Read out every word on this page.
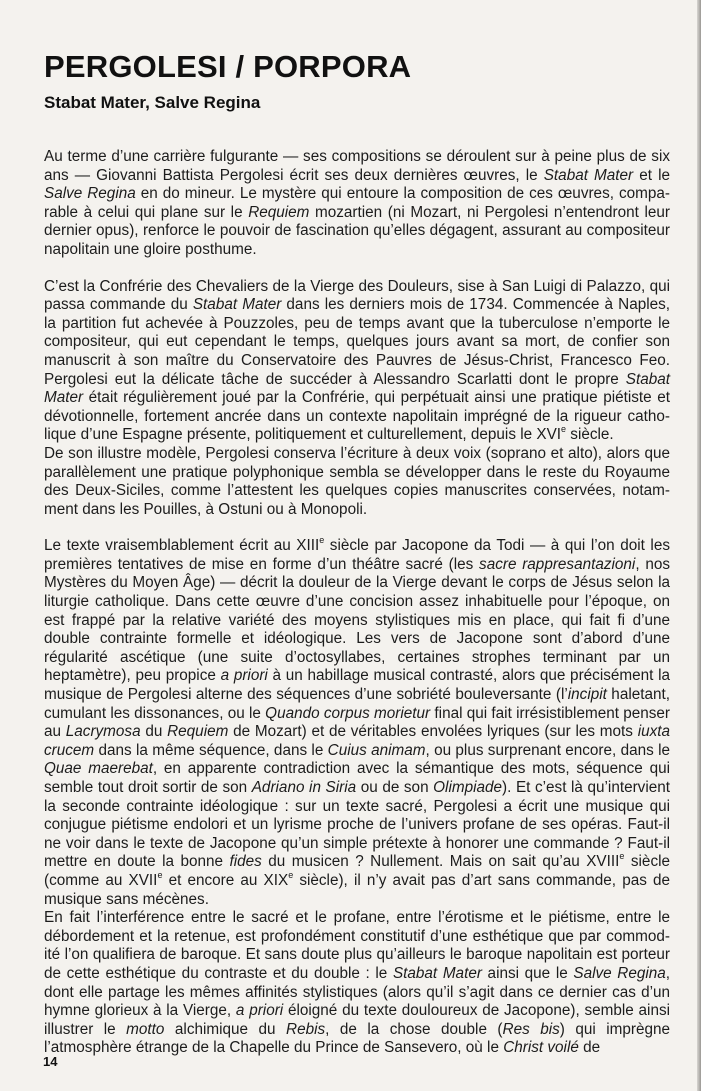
PERGOLESI / PORPORA
Stabat Mater, Salve Regina

Au terme d’une carrière fulgurante — ses compositions se déroulent sur à peine plus de six ans — Giovanni Battista Pergolesi écrit ses deux dernières œuvres, le Stabat Mater et le Salve Regina en do mineur. Le mystère qui entoure la composition de ces œuvres, comparable à celui qui plane sur le Requiem mozartien (ni Mozart, ni Pergolesi n’entendront leur dernier opus), renforce le pouvoir de fascination qu’elles dégagent, assurant au compositeur napolitain une gloire posthume.

C’est la Confrérie des Chevaliers de la Vierge des Douleurs, sise à San Luigi di Palazzo, qui passa commande du Stabat Mater dans les derniers mois de 1734. Commencée à Naples, la partition fut achevée à Pouzzoles, peu de temps avant que la tuberculose n’emporte le compositeur, qui eut cependant le temps, quelques jours avant sa mort, de confier son manuscrit à son maître du Conservatoire des Pauvres de Jésus-Christ, Francesco Feo. Pergolesi eut la délicate tâche de succéder à Alessandro Scarlatti dont le propre Stabat Mater était régulièrement joué par la Confrérie, qui perpétuait ainsi une pratique piétiste et dévotionnelle, fortement ancrée dans un contexte napolitain imprégné de la rigueur catholique d’une Espagne présente, politiquement et culturellement, depuis le XVIe siècle.

De son illustre modèle, Pergolesi conserva l’écriture à deux voix (soprano et alto), alors que parallèlement une pratique polyphonique sembla se développer dans le reste du Royaume des Deux-Siciles, comme l’attestent les quelques copies manuscrites conservées, notamment dans les Pouilles, à Ostuni ou à Monopoli.

Le texte vraisemblablement écrit au XIIIe siècle par Jacopone da Todi — à qui l’on doit les premières tentatives de mise en forme d’un théâtre sacré (les sacre rappresantazioni, nos Mystères du Moyen Âge) — décrit la douleur de la Vierge devant le corps de Jésus selon la liturgie catholique. Dans cette œuvre d’une concision assez inhabituelle pour l’époque, on est frappé par la relative variété des moyens stylistiques mis en place, qui fait fi d’une double contrainte formelle et idéologique. Les vers de Jacopone sont d’abord d’une régularité ascétique (une suite d’octosyllabes, certaines strophes terminant par un heptamètre), peu propice a priori à un habillage musical contrasté, alors que précisément la musique de Pergolesi alterne des séquences d’une sobriété bouleversante (l’incipit haletant, cumulant les dissonances, ou le Quando corpus morietur final qui fait irrésistiblement penser au Lacrymosa du Requiem de Mozart) et de véritables envolées lyriques (sur les mots iuxta crucem dans la même séquence, dans le Cuius animam, ou plus surprenant encore, dans le Quae maerebat, en apparente contradiction avec la sémantique des mots, séquence qui semble tout droit sortir de son Adriano in Siria ou de son Olimpiade). Et c’est là qu’intervient la seconde contrainte idéologique : sur un texte sacré, Pergolesi a écrit une musique qui conjugue piétisme endolori et un lyrisme proche de l’univers profane de ses opéras. Faut-il ne voir dans le texte de Jacopone qu’un simple prétexte à honorer une commande ? Faut-il mettre en doute la bonne fides du musicen ? Nullement. Mais on sait qu’au XVIIIe siècle (comme au XVIIe et encore au XIXe siècle), il n’y avait pas d’art sans commande, pas de musique sans mécènes.

En fait l’interférence entre le sacré et le profane, entre l’érotisme et le piétisme, entre le débordement et la retenue, est profondément constitutif d’une esthétique que par commodité l’on qualifiera de baroque. Et sans doute plus qu’ailleurs le baroque napolitain est porteur de cette esthétique du contraste et du double : le Stabat Mater ainsi que le Salve Regina, dont elle partage les mêmes affinités stylistiques (alors qu’il s’agit dans ce dernier cas d’un hymne glorieux à la Vierge, a priori éloigné du texte douloureux de Jacopone), semble ainsi illustrer le motto alchimique du Rebis, de la chose double (Res bis) qui imprègne l’atmosphère étrange de la Chapelle du Prince de Sansevero, où le Christ voilé de

14
